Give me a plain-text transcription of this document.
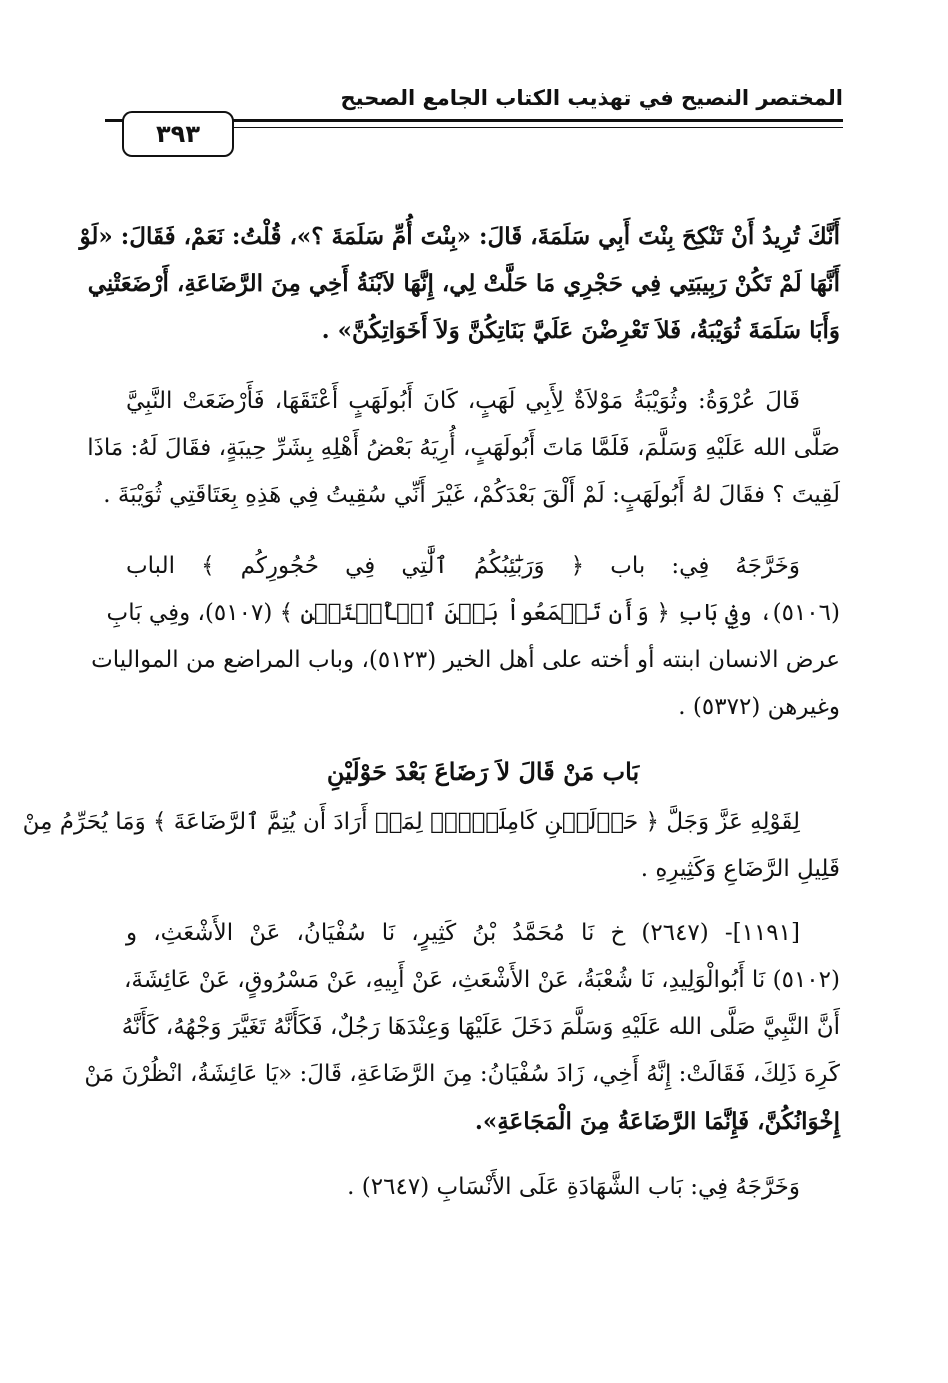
المختصر النصيح في تهذيب الكتاب الجامع الصحيح
٣٩٣
أَنَّكَ تُرِيدُ أَنْ تَنْكِحَ بِنْتَ أَبِي سَلَمَةَ، قَالَ: «بِنْتَ أُمِّ سَلَمَةَ ؟»، قُلْتُ: نَعَمْ، فَقَالَ: «لَوْ
أَنَّهَا لَمْ تَكُنْ رَبِيبَتِي فِي حَجْرِي مَا حَلَّتْ لِي، إِنَّهَا لاَبْنَةُ أَخِي مِنَ الرَّضَاعَةِ، أَرْضَعَتْنِي
وَأَبَا سَلَمَةَ ثُوَيْبَةُ، فَلاَ تَعْرِضْنَ عَلَيَّ بَنَاتِكُنَّ وَلاَ أَخَوَاتِكُنَّ» .
قَالَ عُرْوَةُ: وثُوَيْبَةُ مَوْلاَةٌ لِأَبِي لَهَبٍ، كَانَ أَبُولَهَبٍ أَعْتَقَهَا، فَأَرْضَعَتْ النَّبِيَّ
صَلَّى الله عَلَيْهِ وَسَلَّمَ، فَلَمَّا مَاتَ أَبُولَهَبٍ، أُرِيَهُ بَعْضُ أَهْلِهِ بِشَرِّ حِيبَةٍ، فقَالَ لَهُ: مَاذَا
لَقِيتَ ؟ فقَالَ لهُ أَبُولَهَبٍ: لَمْ أَلْقَ بَعْدَكُمْ، غَيْرَ أَنِّي سُقِيتُ فِي هَذِهِ بِعَتَاقَتِي ثُوَيْبَةَ .
وَخَرَّجَهُ فِي: باب ﴿ وَرَبَٰٓئِبُكُمُ ٱلَّٰتِي فِي حُجُورِكُم ﴾ الباب
(٥١٠٦)، وفِي بَابِ ﴿ وَأَن تَجۡمَعُواْ بَيۡنَ ٱلۡأُخۡتَيۡنِ ﴾ (٥١٠٧)، وفِي بَابِ
عرض الانسان ابنته أو أخته على أهل الخير (٥١٢٣)، وباب المراضع من المواليات
وغيرهن (٥٣٧٢) .
بَاب مَنْ قَالَ لاَ رَضَاعَ بَعْدَ حَوْلَيْنِ
لِقَوْلِهِ عَزَّ وَجَلَّ ﴿ حَوۡلَيۡنِ كَامِلَيۡنِۖ لِمَنۡ أَرَادَ أَن يُتِمَّ ٱلرَّضَاعَةَ ﴾ وَمَا يُحَرِّمُ مِنْ
قَلِيلِ الرَّضَاعِ وَكَثِيرِهِ .
[١١٩١]- (٢٦٤٧) خ نَا مُحَمَّدُ بْنُ كَثِيرٍ، نَا سُفْيَانُ، عَنْ الأَشْعَثِ، و
(٥١٠٢) نَا أَبُوالْوَلِيدِ، نَا شُعْبَةُ، عَنْ الأَشْعَثِ، عَنْ أَبِيهِ، عَنْ مَسْرُوقٍ، عَنْ عَائِشَةَ،
أَنَّ النَّبِيَّ صَلَّى الله عَلَيْهِ وَسَلَّمَ دَخَلَ عَلَيْهَا وَعِنْدَهَا رَجُلٌ، فَكَأَنَّهُ تَغَيَّرَ وَجْهُهُ، كَأَنَّهُ
كَرِهَ ذَلِكَ، فَقَالَتْ: إِنَّهُ أَخِي، زَادَ سُفْيَانُ: مِنَ الرَّضَاعَةِ، قَالَ: «يَا عَائِشَةُ، انْظُرْنَ مَنْ
إِخْوَانُكُنَّ، فَإِنَّمَا الرَّضَاعَةُ مِنَ الْمَجَاعَةِ».
وَخَرَّجَهُ فِي: بَاب الشَّهَادَةِ عَلَى الأَنْسَابِ (٢٦٤٧) .
